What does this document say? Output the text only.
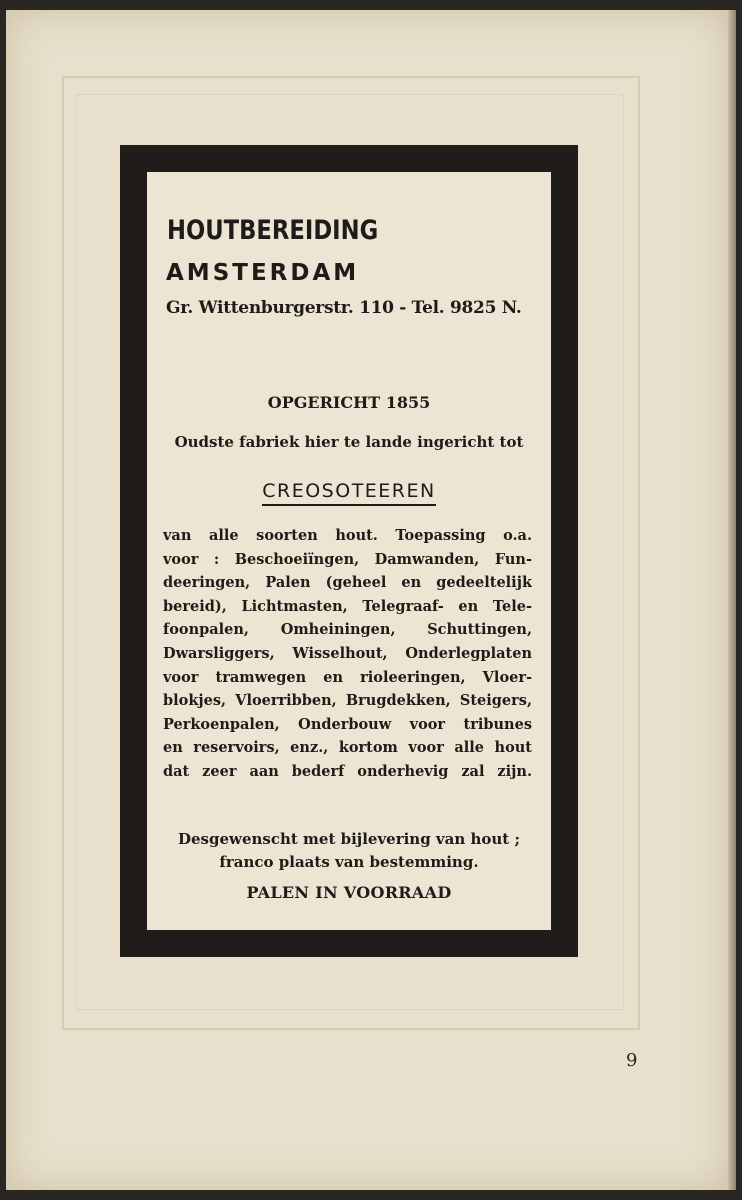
HOUTBEREIDING
AMSTERDAM
Gr. Wittenburgerstr. 110 - Tel. 9825 N.
OPGERICHT 1855
Oudste fabriek hier te lande ingericht tot
CREOSOTEEREN
van alle soorten hout. Toepassing o.a.
voor : Beschoeiïngen, Damwanden, Fun-
deeringen, Palen (geheel en gedeeltelijk
bereid), Lichtmasten, Telegraaf- en Tele-
foonpalen, Omheiningen, Schuttingen,
Dwarsliggers, Wisselhout, Onderlegplaten
voor tramwegen en rioleeringen, Vloer-
blokjes, Vloerribben, Brugdekken, Steigers,
Perkoenpalen, Onderbouw voor tribunes
en reservoirs, enz., kortom voor alle hout
dat zeer aan bederf onderhevig zal zijn.
Desgewenscht met bijlevering van hout ;
franco plaats van bestemming.
PALEN IN VOORRAAD
9
